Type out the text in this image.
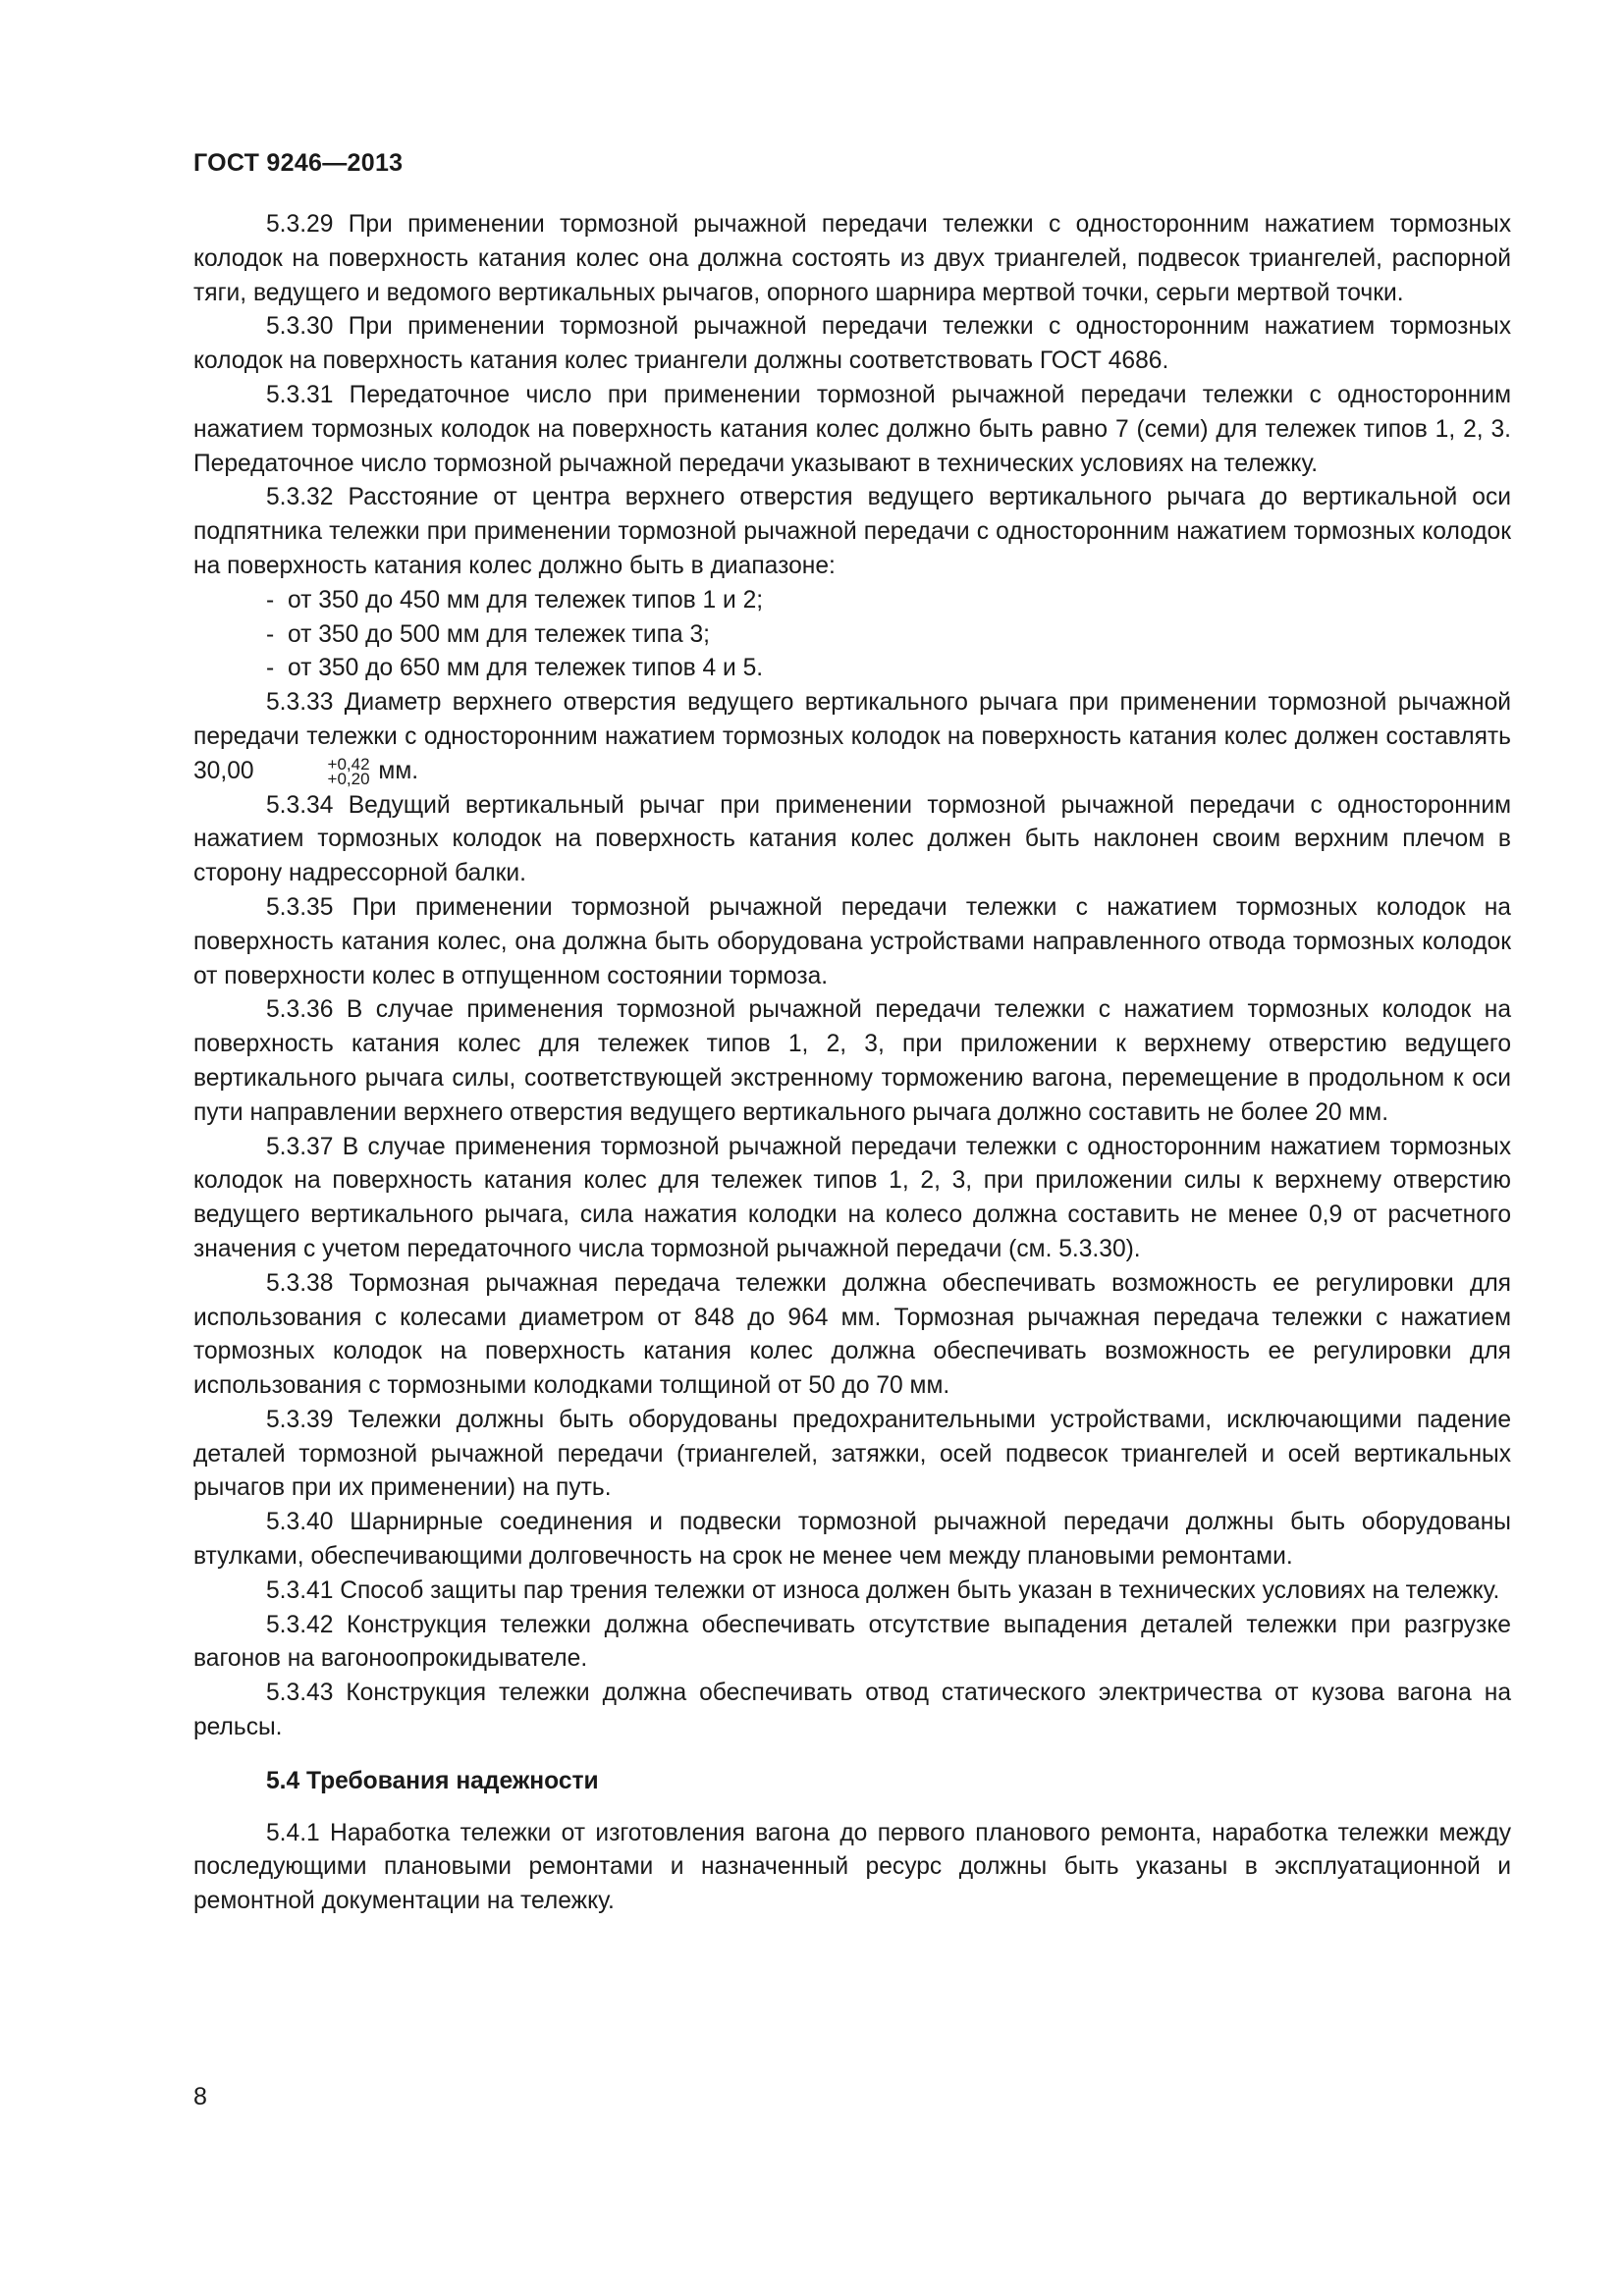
ГОСТ 9246—2013

5.3.29 При применении тормозной рычажной передачи тележки с односторонним нажатием тормозных колодок на поверхность катания колес она должна состоять из двух триангелей, подвесок триангелей, распорной тяги, ведущего и ведомого вертикальных рычагов, опорного шарнира мертвой точки, серьги мертвой точки.

5.3.30 При применении тормозной рычажной передачи тележки с односторонним нажатием тормозных колодок на поверхность катания колес триангели должны соответствовать ГОСТ 4686.

5.3.31 Передаточное число при применении тормозной рычажной передачи тележки с односторонним нажатием тормозных колодок на поверхность катания колес должно быть равно 7 (семи) для тележек типов 1, 2, 3. Передаточное число тормозной рычажной передачи указывают в технических условиях на тележку.

5.3.32 Расстояние от центра верхнего отверстия ведущего вертикального рычага до вертикальной оси подпятника тележки при применении тормозной рычажной передачи с односторонним нажатием тормозных колодок на поверхность катания колес должно быть в диапазоне:

- от 350 до 450 мм для тележек типов 1 и 2;
- от 350 до 500 мм для тележек типа 3;
- от 350 до 650 мм для тележек типов 4 и 5.

5.3.33 Диаметр верхнего отверстия ведущего вертикального рычага при применении тормозной рычажной передачи тележки с односторонним нажатием тормозных колодок на поверхность катания колес должен составлять 30,00	+0,42
+0,20 мм.

5.3.34 Ведущий вертикальный рычаг при применении тормозной рычажной передачи с односторонним нажатием тормозных колодок на поверхность катания колес должен быть наклонен своим верхним плечом в сторону надрессорной балки.

5.3.35 При применении тормозной рычажной передачи тележки с нажатием тормозных колодок на поверхность катания колес, она должна быть оборудована устройствами направленного отвода тормозных колодок от поверхности колес в отпущенном состоянии тормоза.

5.3.36 В случае применения тормозной рычажной передачи тележки с нажатием тормозных колодок на поверхность катания колес для тележек типов 1, 2, 3, при приложении к верхнему отверстию ведущего вертикального рычага силы, соответствующей экстренному торможению вагона, перемещение в продольном к оси пути направлении верхнего отверстия ведущего вертикального рычага должно составить не более 20 мм.

5.3.37 В случае применения тормозной рычажной передачи тележки с односторонним нажатием тормозных колодок на поверхность катания колес для тележек типов 1, 2, 3, при приложении силы к верхнему отверстию ведущего вертикального рычага, сила нажатия колодки на колесо должна составить не менее 0,9 от расчетного значения с учетом передаточного числа тормозной рычажной передачи (см. 5.3.30).

5.3.38 Тормозная рычажная передача тележки должна обеспечивать возможность ее регулировки для использования с колесами диаметром от 848 до 964 мм. Тормозная рычажная передача тележки с нажатием тормозных колодок на поверхность катания колес должна обеспечивать возможность ее регулировки для использования с тормозными колодками толщиной от 50 до 70 мм.

5.3.39 Тележки должны быть оборудованы предохранительными устройствами, исключающими падение деталей тормозной рычажной передачи (триангелей, затяжки, осей подвесок триангелей и осей вертикальных рычагов при их применении) на путь.

5.3.40 Шарнирные соединения и подвески тормозной рычажной передачи должны быть оборудованы втулками, обеспечивающими долговечность на срок не менее чем между плановыми ремонтами.

5.3.41 Способ защиты пар трения тележки от износа должен быть указан в технических условиях на тележку.

5.3.42 Конструкция тележки должна обеспечивать отсутствие выпадения деталей тележки при разгрузке вагонов на вагоноопрокидывателе.

5.3.43 Конструкция тележки должна обеспечивать отвод статического электричества от кузова вагона на рельсы.

5.4 Требования надежности

5.4.1 Наработка тележки от изготовления вагона до первого планового ремонта, наработка тележки между последующими плановыми ремонтами и назначенный ресурс должны быть указаны в эксплуатационной и ремонтной документации на тележку.

8
